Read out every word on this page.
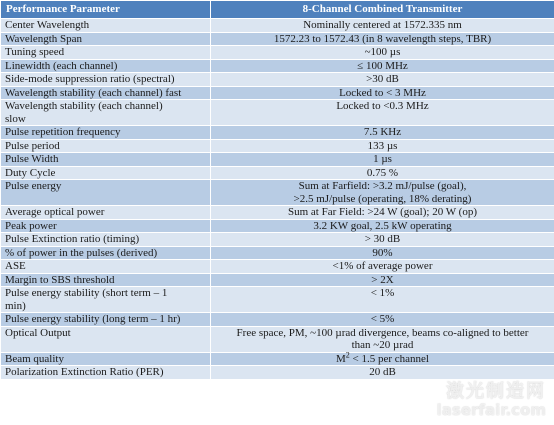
Performance Parameter	8-Channel Combined Transmitter

Center Wavelength	Nominally centered at 1572.335 nm

Wavelength Span	1572.23 to 1572.43 (in 8 wavelength steps, TBR)

Tuning speed	~100 µs

Linewidth (each channel)	≤ 100 MHz

Side-mode suppression ratio (spectral)	>30 dB

Wavelength stability (each channel) fast	Locked to < 3 MHz

Wavelength stability (each channel)
slow	Locked to <0.3 MHz

Pulse repetition frequency	7.5 KHz

Pulse period	133 µs

Pulse Width	1 µs

Duty Cycle	0.75 %

Pulse energy	Sum at Farfield: >3.2 mJ/pulse (goal),
>2.5 mJ/pulse (operating, 18% derating)

Average optical power	Sum at Far Field: >24 W (goal); 20 W (op)

Peak power	3.2 KW goal, 2.5 kW operating

Pulse Extinction ratio (timing)	> 30 dB

% of power in the pulses (derived)	90%

ASE	<1% of average power

Margin to SBS threshold	> 2X

Pulse energy stability (short term – 1
min)	< 1%

Pulse energy stability (long term – 1 hr)	< 5%

Optical Output	Free space, PM, ~100 µrad divergence, beams co-aligned to better
than ~20 µrad

Beam quality	$M^2 < 1.5$ per channel

Polarization Extinction Ratio (PER)	20 dB
激光制造网
laserfair.com
